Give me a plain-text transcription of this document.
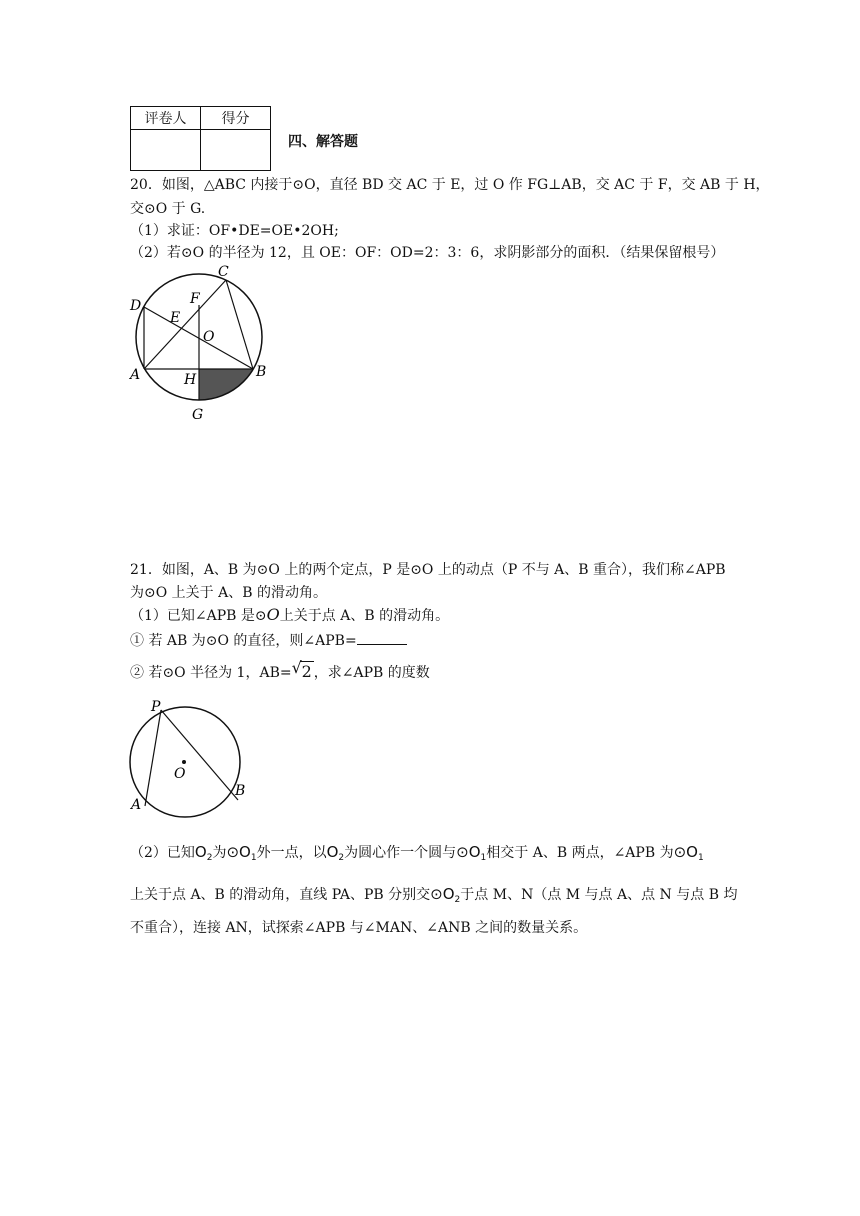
评卷人	得分

四、解答题
20．如图，△ABC 内接于⊙O，直径 BD 交 AC 于 E，过 O 作 FG⊥AB，交 AC 于 F，交 AB 于 H，
交⊙O 于 G.
（1）求证：OF•DE=OE•2OH;
（2）若⊙O 的半径为 12，且 OE：OF：OD=2：3：6，求阴影部分的面积．（结果保留根号）
C
D	F
E
O
A	H	B
G
21．如图，A、B 为⊙O 上的两个定点，P 是⊙O 上的动点（P 不与 A、B 重合），我们称∠APB
为⊙O 上关于 A、B 的滑动角。
（1）已知∠APB 是⊙O上关于点 A、B 的滑动角。
① 若 AB 为⊙O 的直径，则∠APB=
② 若⊙O 半径为 1，AB= √ 2 ，求∠APB 的度数
P
O
A
B
（2）已知$O_2$为$⊙O_1$外一点，以$O_2$为圆心作一个圆与$⊙O_1$相交于 A、B 两点，∠APB 为$⊙O_1$
上关于点 A、B 的滑动角，直线 PA、PB 分别交$⊙O_2$于点 M、N（点 M 与点 A、点 N 与点 B 均
不重合），连接 AN，试探索∠APB 与∠MAN、∠ANB 之间的数量关系。
